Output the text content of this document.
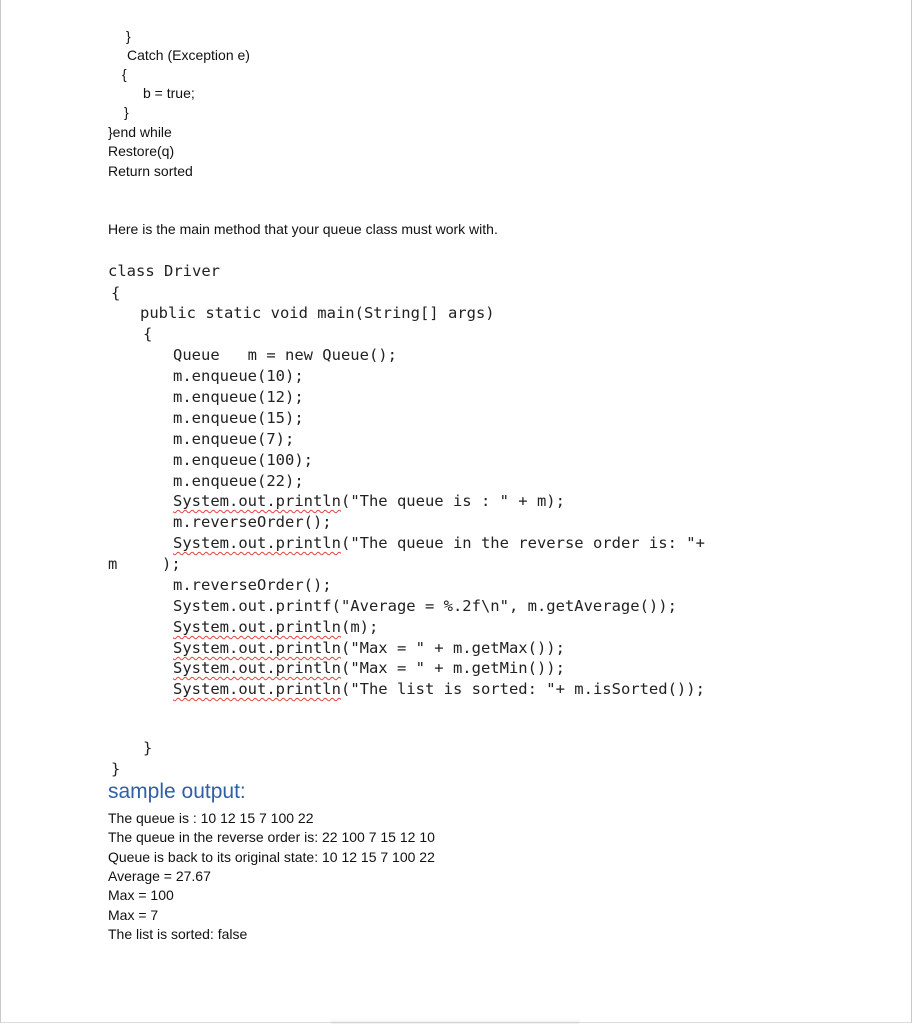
}
Catch (Exception e)
{
b = true;
}
}end while
Restore(q)
Return sorted
Here is the main method that your queue class must work with.
class Driver
{
public static void main(String[] args)
{
Queue   m = new Queue();
m.enqueue(10);
m.enqueue(12);
m.enqueue(15);
m.enqueue(7);
m.enqueue(100);
m.enqueue(22);
System.out.println("The queue is : " + m);
m.reverseOrder();
System.out.println("The queue in the reverse order is: "+
m	);
m.reverseOrder();
System.out.printf("Average = %.2f\n", m.getAverage());
System.out.println(m);
System.out.println("Max = " + m.getMax());
System.out.println("Max = " + m.getMin());
System.out.println("The list is sorted: "+ m.isSorted());
}
}
sample output:
The queue is : 10 12 15 7 100 22
The queue in the reverse order is: 22 100 7 15 12 10
Queue is back to its original state: 10 12 15 7 100 22
Average = 27.67
Max = 100
Max = 7
The list is sorted: false
